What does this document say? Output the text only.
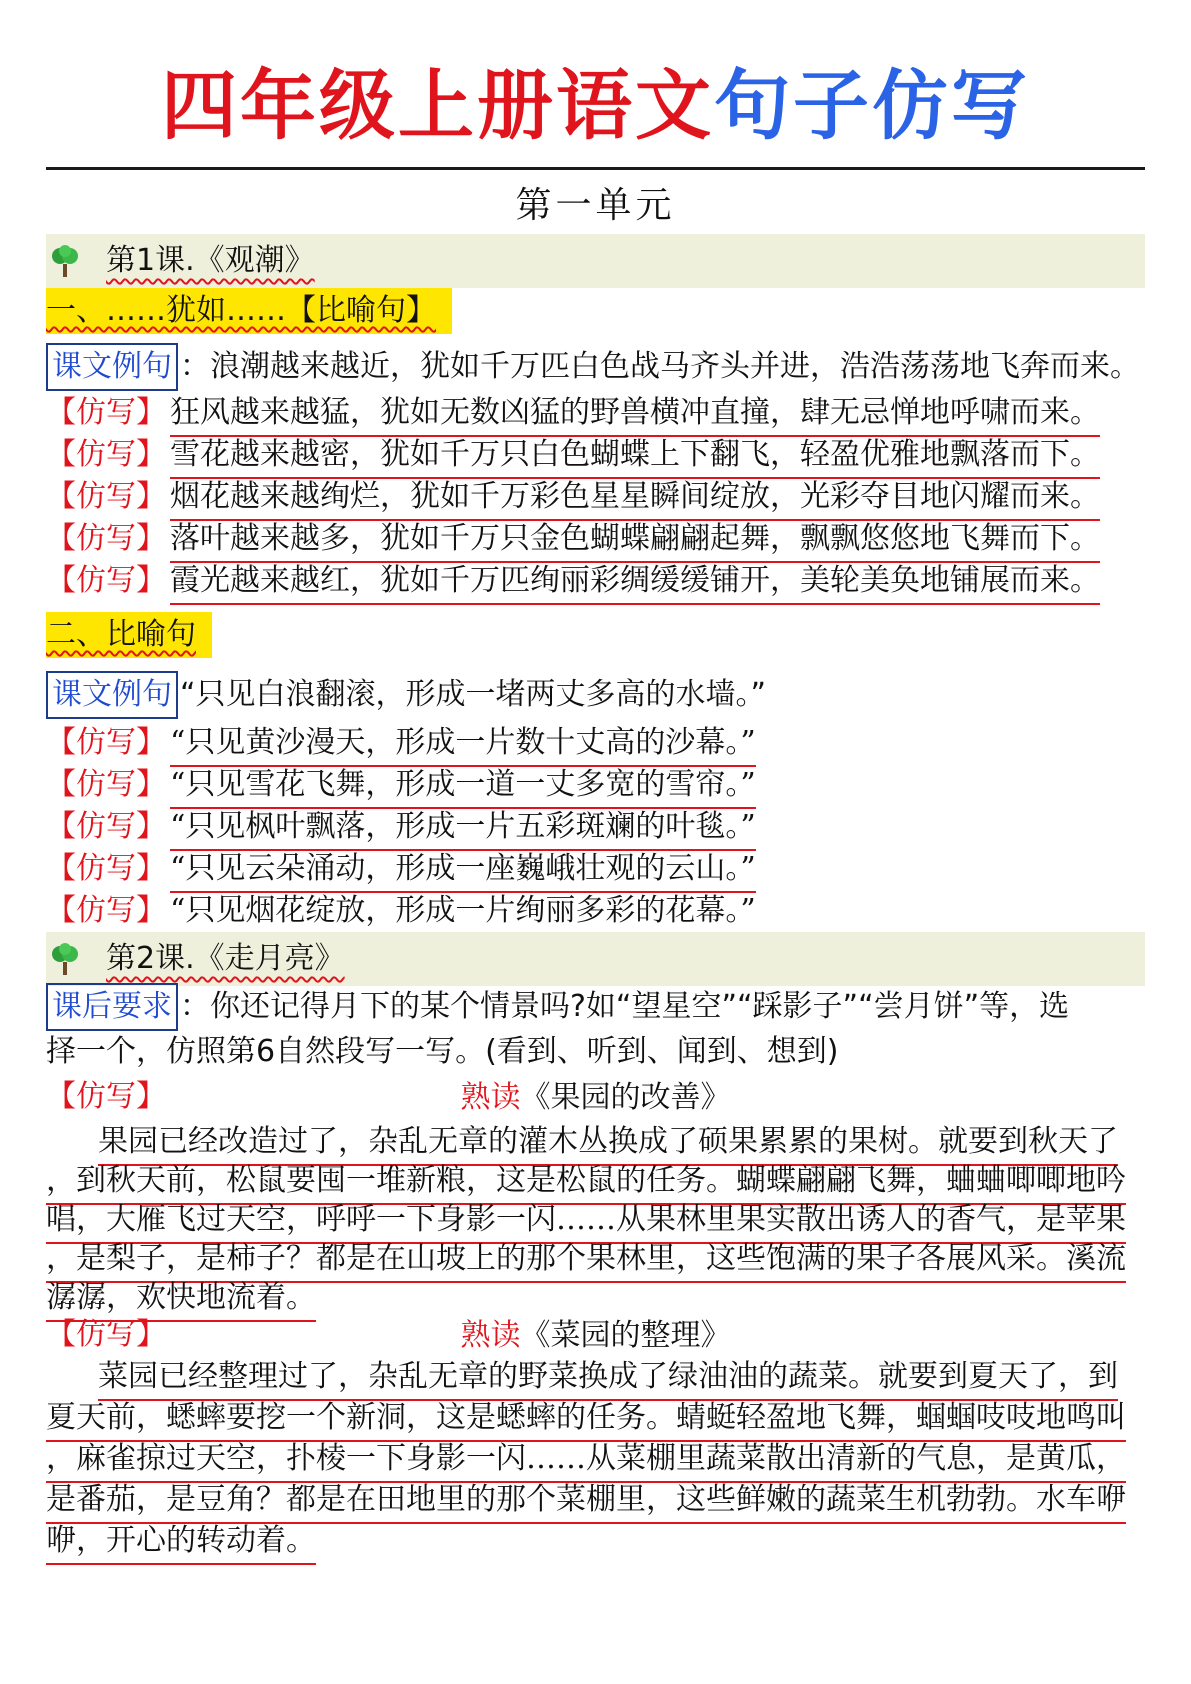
四年级上册语文句子仿写
第一单元
第1课.《观潮》
一、……犹如……【比喻句】
课文例句 ：浪潮越来越近，犹如千万匹白色战马齐头并进，浩浩荡荡地飞奔而来。
【仿写】 狂风越来越猛，犹如无数凶猛的野兽横冲直撞，肆无忌惮地呼啸而来。
【仿写】 雪花越来越密，犹如千万只白色蝴蝶上下翻飞，轻盈优雅地飘落而下。
【仿写】 烟花越来越绚烂，犹如千万彩色星星瞬间绽放，光彩夺目地闪耀而来。
【仿写】 落叶越来越多，犹如千万只金色蝴蝶翩翩起舞，飘飘悠悠地飞舞而下。
【仿写】 霞光越来越红，犹如千万匹绚丽彩绸缓缓铺开，美轮美奂地铺展而来。
二、比喻句
课文例句 “只见白浪翻滚，形成一堵两丈多高的水墙。”
【仿写】 “只见黄沙漫天，形成一片数十丈高的沙幕。”
【仿写】 “只见雪花飞舞，形成一道一丈多宽的雪帘。”
【仿写】 “只见枫叶飘落，形成一片五彩斑斓的叶毯。”
【仿写】 “只见云朵涌动，形成一座巍峨壮观的云山。”
【仿写】 “只见烟花绽放，形成一片绚丽多彩的花幕。”
第2课.《走月亮》
课后要求 ：你还记得月下的某个情景吗?如“望星空”“踩影子”“尝月饼”等，选
择一个，仿照第6自然段写一写。(看到、听到、闻到、想到)
【仿写】	熟读《果园的改善》
果园已经改造过了，杂乱无章的灌木丛换成了硕果累累的果树。就要到秋天了
，到秋天前，松鼠要囤一堆新粮，这是松鼠的任务。蝴蝶翩翩飞舞，蛐蛐唧唧地吟
唱，大雁飞过天空，呼呼一下身影一闪……从果林里果实散出诱人的香气，是苹果
，是梨子，是柿子？都是在山坡上的那个果林里，这些饱满的果子各展风采。溪流
潺潺，欢快地流着。
【仿写】	熟读《菜园的整理》
菜园已经整理过了，杂乱无章的野菜换成了绿油油的蔬菜。就要到夏天了，到
夏天前，蟋蟀要挖一个新洞，这是蟋蟀的任务。蜻蜓轻盈地飞舞，蝈蝈吱吱地鸣叫
，麻雀掠过天空，扑棱一下身影一闪……从菜棚里蔬菜散出清新的气息，是黄瓜，
是番茄，是豆角？都是在田地里的那个菜棚里，这些鲜嫩的蔬菜生机勃勃。水车咿
咿，开心的转动着。
